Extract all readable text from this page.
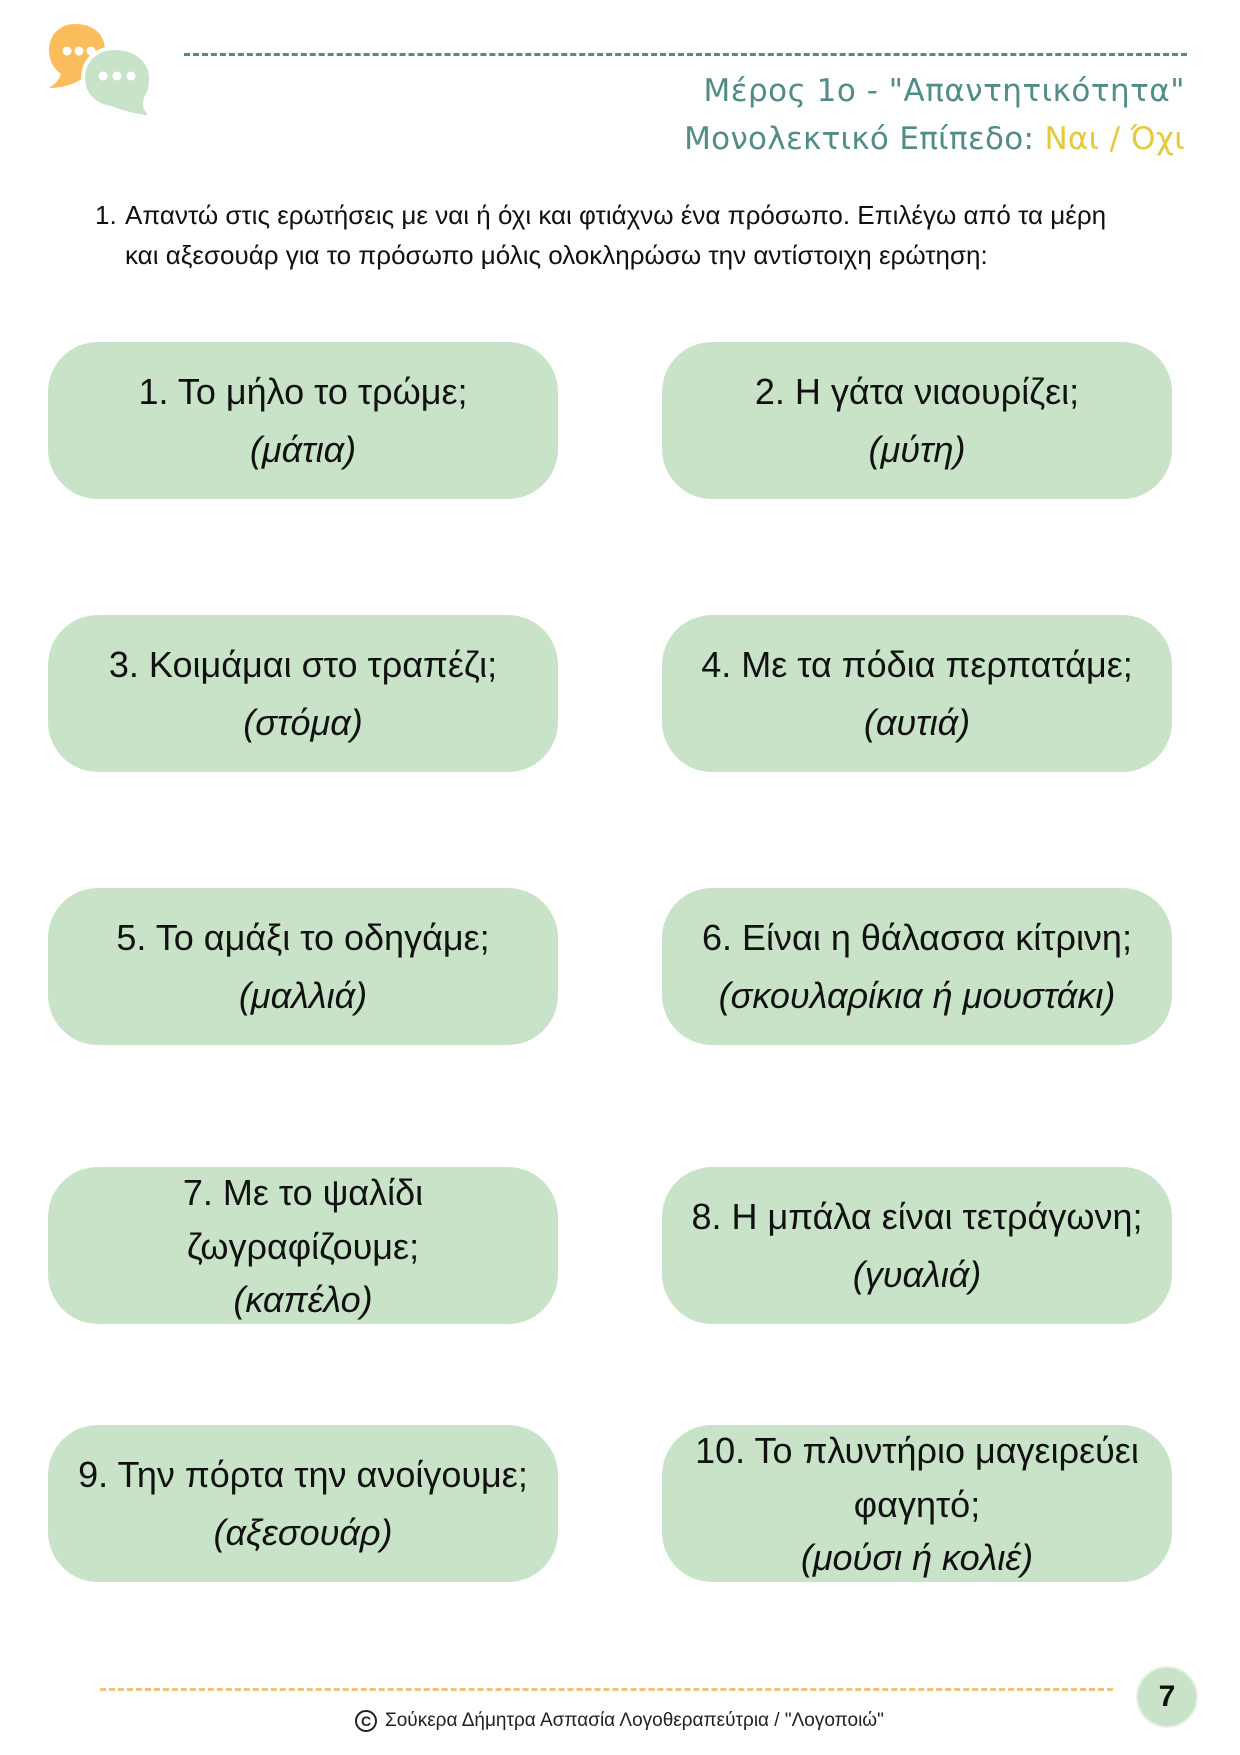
Μέρος 1ο - "Απαντητικότητα"
Μονολεκτικό Επίπεδο: Ναι / Όχι
1. Απαντώ στις ερωτήσεις με ναι ή όχι και φτιάχνω ένα πρόσωπο. Επιλέγω από τα μέρη και αξεσουάρ για το πρόσωπο μόλις ολοκληρώσω την αντίστοιχη ερώτηση:
1. Το μήλο το τρώμε;
(μάτια)
2. Η γάτα νιαουρίζει;
(μύτη)
3. Κοιμάμαι στο τραπέζι;
(στόμα)
4. Με τα πόδια περπατάμε;
(αυτιά)
5. Το αμάξι το οδηγάμε;
(μαλλιά)
6. Είναι η θάλασσα κίτρινη;
(σκουλαρίκια ή μουστάκι)
7. Με το ψαλίδι ζωγραφίζουμε;
(καπέλο)
8. Η μπάλα είναι τετράγωνη;
(γυαλιά)
9. Την πόρτα την ανοίγουμε;
(αξεσουάρ)
10. Το πλυντήριο μαγειρεύει φαγητό;
(μούσι ή κολιέ)
7
C Σούκερα Δήμητρα Ασπασία Λογοθεραπεύτρια / "Λογοποιώ"
